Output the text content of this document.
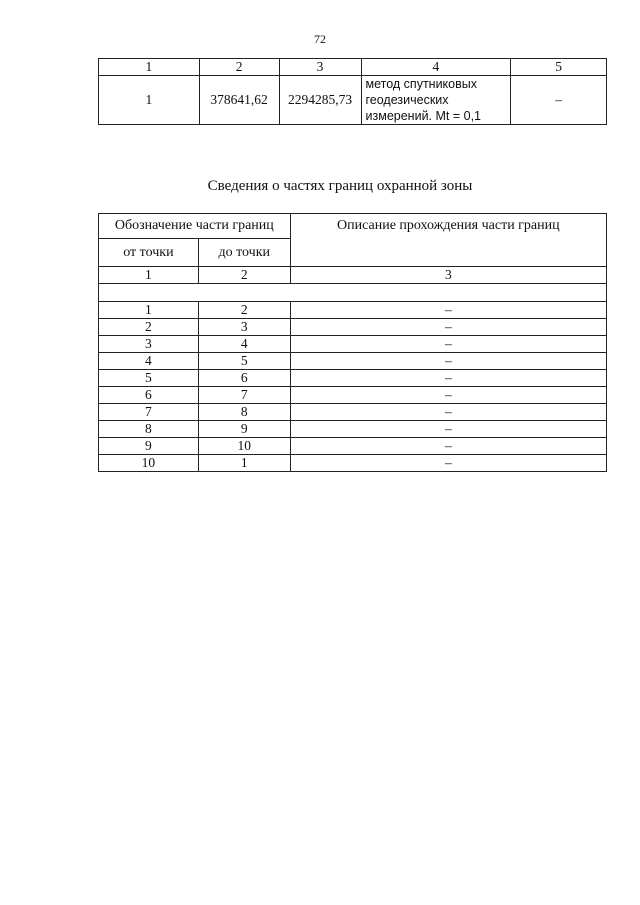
72
1	2	3	4	5
1	378641,62	2294285,73	метод спутниковых
геодезических
измерений. Mt = 0,1	–
Сведения о частях границ охранной зоны
Обозначение части границ		Описание прохождения части границ
от точки	до точки	
1	2	3

1	2	–
2	3	–
3	4	–
4	5	–
5	6	–
6	7	–
7	8	–
8	9	–
9	10	–
10	1	–
